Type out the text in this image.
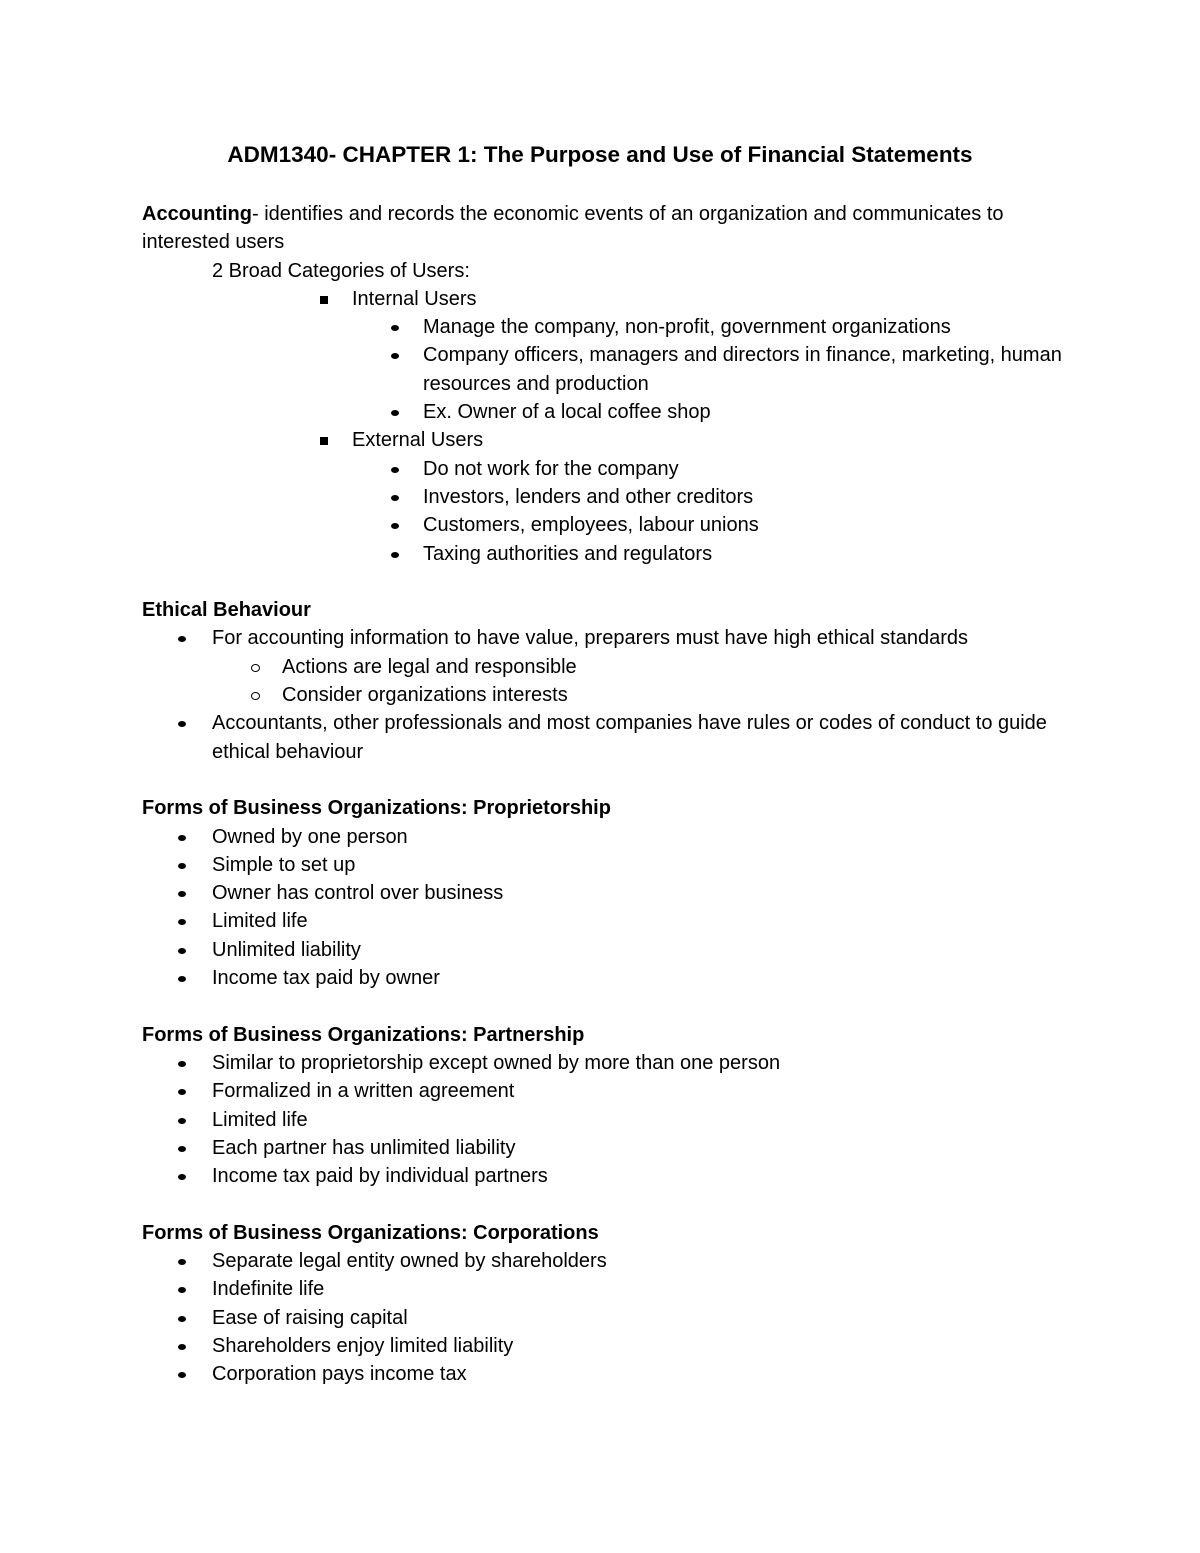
ADM1340- CHAPTER 1: The Purpose and Use of Financial Statements

Accounting- identifies and records the economic events of an organization and communicates to interested users

2 Broad Categories of Users:
Internal Users
Manage the company, non-profit, government organizations
Company officers, managers and directors in finance, marketing, human resources and production
Ex. Owner of a local coffee shop
External Users
Do not work for the company
Investors, lenders and other creditors
Customers, employees, labour unions
Taxing authorities and regulators
Ethical Behaviour
For accounting information to have value, preparers must have high ethical standards
Actions are legal and responsible
Consider organizations interests
Accountants, other professionals and most companies have rules or codes of conduct to guide ethical behaviour
Forms of Business Organizations: Proprietorship
Owned by one person
Simple to set up
Owner has control over business
Limited life
Unlimited liability
Income tax paid by owner
Forms of Business Organizations: Partnership
Similar to proprietorship except owned by more than one person
Formalized in a written agreement
Limited life
Each partner has unlimited liability
Income tax paid by individual partners
Forms of Business Organizations: Corporations
Separate legal entity owned by shareholders
Indefinite life
Ease of raising capital
Shareholders enjoy limited liability
Corporation pays income tax
